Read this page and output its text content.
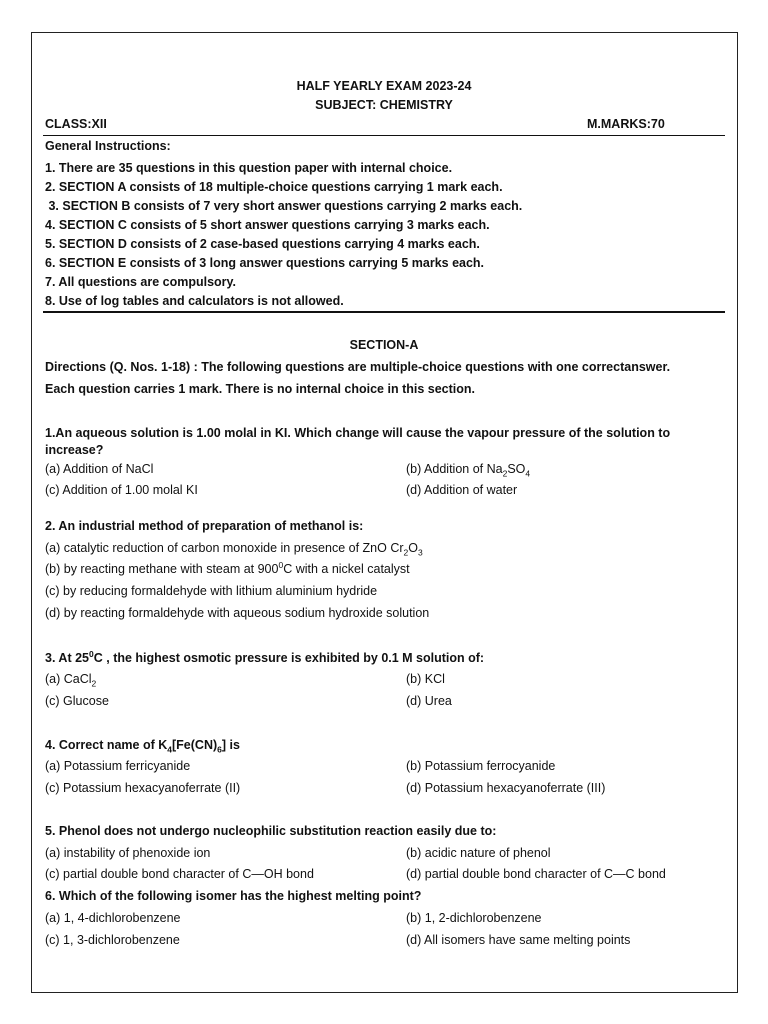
HALF YEARLY EXAM 2023-24
SUBJECT: CHEMISTRY
CLASS:XII	M.MARKS:70
General Instructions:
1. There are 35 questions in this question paper with internal choice.
2. SECTION A consists of 18 multiple-choice questions carrying 1 mark each.
3. SECTION B consists of 7 very short answer questions carrying 2 marks each.
4. SECTION C consists of 5 short answer questions carrying 3 marks each.
5. SECTION D consists of 2 case-based questions carrying 4 marks each.
6. SECTION E consists of 3 long answer questions carrying 5 marks each.
7. All questions are compulsory.
8. Use of log tables and calculators is not allowed.
SECTION-A
Directions (Q. Nos. 1-18) : The following questions are multiple-choice questions with one correctanswer.
Each question carries 1 mark. There is no internal choice in this section.
1.An aqueous solution is 1.00 molal in KI. Which change will cause the vapour pressure of the solution to
increase?
(a) Addition of NaCl	(b) Addition of $Na_2SO_4$
(c) Addition of 1.00 molal KI	(d) Addition of water
2. An industrial method of preparation of methanol is:
(a) catalytic reduction of carbon monoxide in presence of ZnO $Cr_2O_3$
(b) by reacting methane with steam at $900^0C$ with a nickel catalyst
(c) by reducing formaldehyde with lithium aluminium hydride
(d) by reacting formaldehyde with aqueous sodium hydroxide solution
3. At $25^0C$ , the highest osmotic pressure is exhibited by 0.1 M solution of:
(a) CaCl$_2$	(b) KCl
(c) Glucose	(d) Urea
4. Correct name of $K_4[Fe(CN)_6]$ is
(a) Potassium ferricyanide	(b) Potassium ferrocyanide
(c) Potassium hexacyanoferrate (II)	(d) Potassium hexacyanoferrate (III)
5. Phenol does not undergo nucleophilic substitution reaction easily due to:
(a) instability of phenoxide ion	(b) acidic nature of phenol
(c) partial double bond character of C—OH bond	(d) partial double bond character of C—C bond
6. Which of the following isomer has the highest melting point?
(a) 1, 4-dichlorobenzene	(b) 1, 2-dichlorobenzene
(c) 1, 3-dichlorobenzene	(d) All isomers have same melting points
